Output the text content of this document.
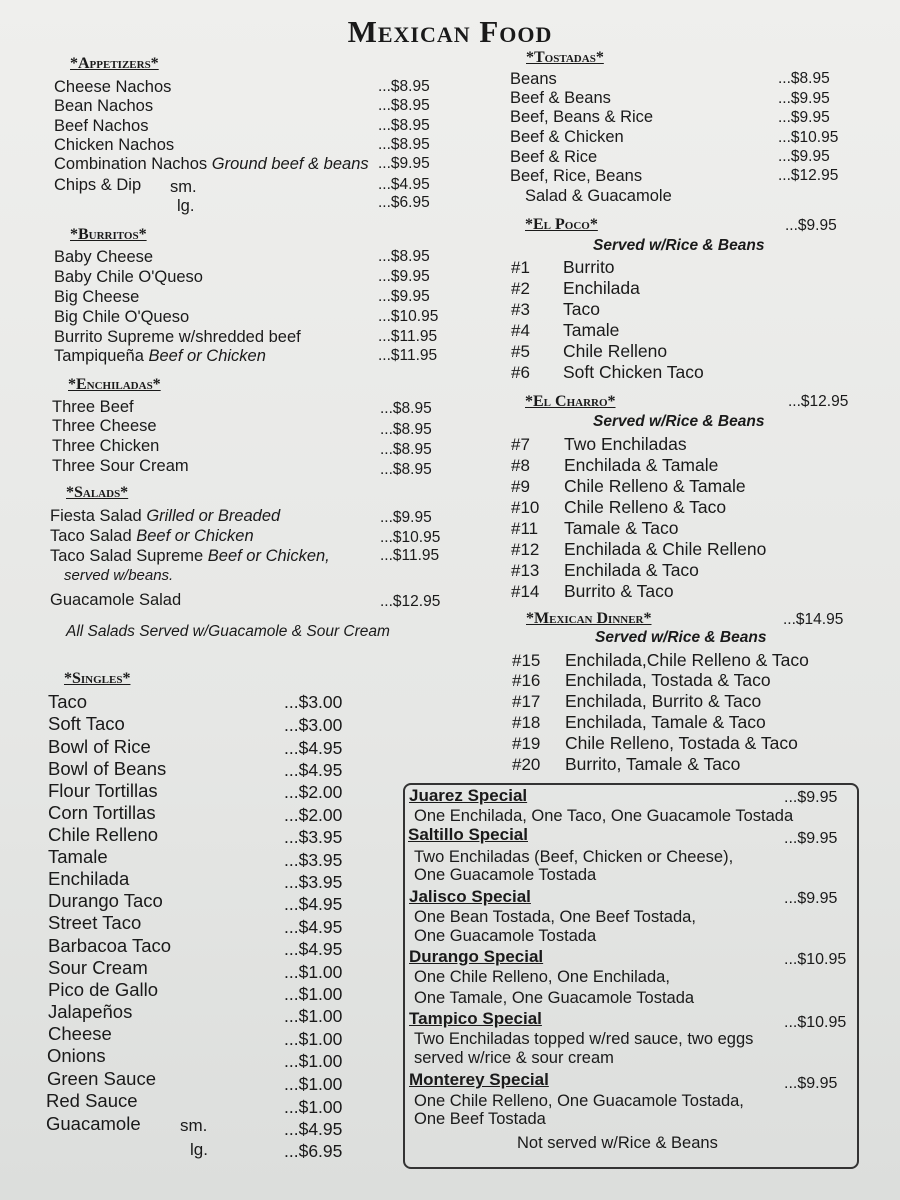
Mexican Food
*Appetizers*
Cheese Nachos	...$8.95
Bean Nachos	...$8.95
Beef Nachos	...$8.95
Chicken Nachos	...$8.95
Combination Nachos Ground beef & beans ...$9.95
Chips & Dip sm.	...$4.95
lg.	...$6.95
*Burritos*
Baby Cheese	...$8.95
Baby Chile O'Queso	...$9.95
Big Cheese	...$9.95
Big Chile O'Queso	...$10.95
Burrito Supreme w/shredded beef	...$11.95
Tampiqueña Beef or Chicken	...$11.95
*Enchiladas*
Three Beef	...$8.95
Three Cheese	...$8.95
Three Chicken	...$8.95
Three Sour Cream	...$8.95
*Salads*
Fiesta Salad Grilled or Breaded	...$9.95
Taco Salad Beef or Chicken	...$10.95
Taco Salad Supreme Beef or Chicken,	...$11.95
served w/beans.
Guacamole Salad	...$12.95
All Salads Served w/Guacamole & Sour Cream
*Singles*
Taco	...$3.00
Soft Taco	...$3.00
Bowl of Rice	...$4.95
Bowl of Beans	...$4.95
Flour Tortillas	...$2.00
Corn Tortillas	...$2.00
Chile Relleno	...$3.95
Tamale	...$3.95
Enchilada	...$3.95
Durango Taco	...$4.95
Street Taco	...$4.95
Barbacoa Taco	...$4.95
Sour Cream	...$1.00
Pico de Gallo	...$1.00
Jalapeños	...$1.00
Cheese	...$1.00
Onions	...$1.00
Green Sauce	...$1.00
Red Sauce	...$1.00
Guacamole sm.	...$4.95
lg.	...$6.95
*Tostadas*
Beans	...$8.95
Beef & Beans	...$9.95
Beef, Beans & Rice	...$9.95
Beef & Chicken	...$10.95
Beef & Rice	...$9.95
Beef, Rice, Beans	...$12.95
Salad & Guacamole
*El Poco*	...$9.95
Served w/Rice & Beans
#1 Burrito
#2 Enchilada
#3 Taco
#4 Tamale
#5 Chile Relleno
#6 Soft Chicken Taco
*El Charro*	...$12.95
Served w/Rice & Beans
#7 Two Enchiladas
#8 Enchilada & Tamale
#9 Chile Relleno & Tamale
#10 Chile Relleno & Taco
#11 Tamale & Taco
#12 Enchilada & Chile Relleno
#13 Enchilada & Taco
#14 Burrito & Taco
*Mexican Dinner*	...$14.95
Served w/Rice & Beans
#15 Enchilada,Chile Relleno & Taco
#16 Enchilada, Tostada & Taco
#17 Enchilada, Burrito & Taco
#18 Enchilada, Tamale & Taco
#19 Chile Relleno, Tostada & Taco
#20 Burrito, Tamale & Taco
Juarez Special	...$9.95
One Enchilada, One Taco, One Guacamole Tostada
Saltillo Special	...$9.95
Two Enchiladas (Beef, Chicken or Cheese),
One Guacamole Tostada
Jalisco Special	...$9.95
One Bean Tostada, One Beef Tostada,
One Guacamole Tostada
Durango Special	...$10.95
One Chile Relleno, One Enchilada,
One Tamale, One Guacamole Tostada
Tampico Special	...$10.95
Two Enchiladas topped w/red sauce, two eggs
served w/rice & sour cream
Monterey Special	...$9.95
One Chile Relleno, One Guacamole Tostada,
One Beef Tostada
Not served w/Rice & Beans
